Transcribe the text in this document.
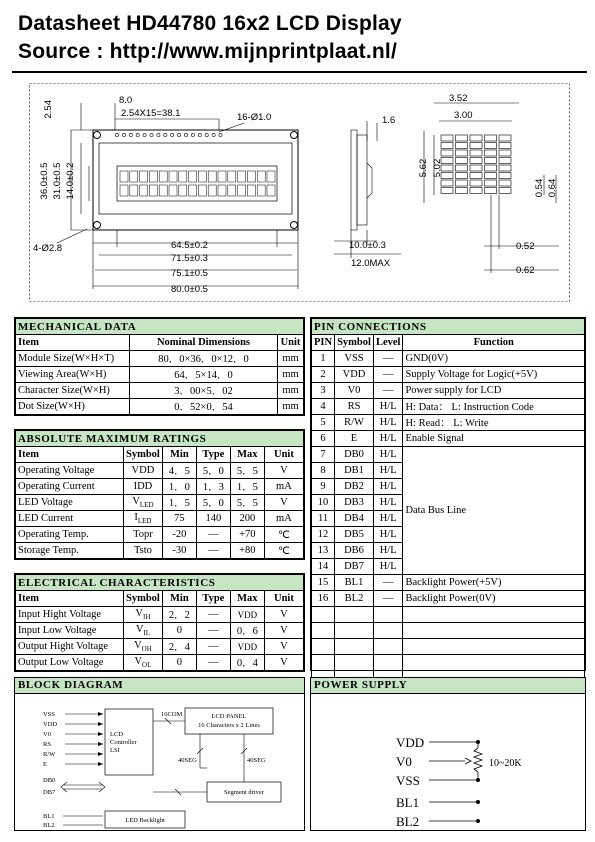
Datasheet HD44780 16x2 LCD Display
Source : http://www.mijnprintplaat.nl/
2.54	8.0
2.54X15=38.1	16-Ø1.0
36.0±0.5 31.0±0.5 14.0±0.2
4-Ø2.8	64.5±0.2
71.5±0.3
75.1±0.5
80.0±0.5
1.6
10.0±0.3
12.0MAX
3.52
3.00
5.62 5.02
0.54 0.64
0.52
0.62
MECHANICAL DATA		
Item	Nominal Dimensions	Unit
Module Size(W×H×T)	80．0×36．0×12．0	mm
Viewing Area(W×H)	64．5×14．0	mm
Character Size(W×H)	3．00×5．02	mm
Dot Size(W×H)	0．52×0．54	mm
ABSOLUTE MAXIMUM RATINGS					
Item	Symbol	Min	Type	Max	Unit
Operating Voltage	VDD	4．5	5．0	5．5	V
Operating Current	IDD	1．0	1．3	1．5	mA
LED Voltage	$V_{LED}$	1．5	5．0	5．5	V
LED Current	$I_{LED}$	75	140	200	mA
Operating Temp.	Topr	-20	—	+70	℃
Storage Temp.	Tsto	-30	—	+80	℃
ELECTRICAL CHARACTERISTICS					
Item	Symbol	Min	Type	Max	Unit
Input Hight Voltage	$V_{IH}$	2．2	—	VDD	V
Input Low Voltage	$V_{IL}$	0	—	0．6	V
Output Hight Voltage	$V_{OH}$	2．4	—	VDD	V
Output Low Voltage	$V_{OL}$	0	—	0．4	V
PIN CONNECTIONS			
PIN	Symbol	Level	Function
1	VSS	—	GND(0V)
2	VDD	—	Supply Voltage for Logic(+5V)
3	V0	—	Power supply for LCD
4	RS	H/L	H: Data： L: Instruction Code
5	R/W	H/L	H: Read： L: Write
6	E	H/L	Enable Signal
7	DB0	H/L	Data Bus Line
8	DB1	H/L	
9	DB2	H/L	
10	DB3	H/L	
11	DB4	H/L	
12	DB5	H/L	
13	DB6	H/L	
14	DB7	H/L	
15	BL1	—	Backlight Power(+5V)
16	BL2	—	Backlight Power(0V)

BLOCK DIAGRAM
VSS
VDD
V0
RS
R/W
E
LCD
Controller
LSI
LCD PANEL
16 Characters x 2 Lines
Segment driver
16COM
40SEG	40SEG
DB0
DB7
BL1
BL2
LED Backlight
POWER SUPPLY
VDD
V0
VSS
BL1
BL2
10~20K
